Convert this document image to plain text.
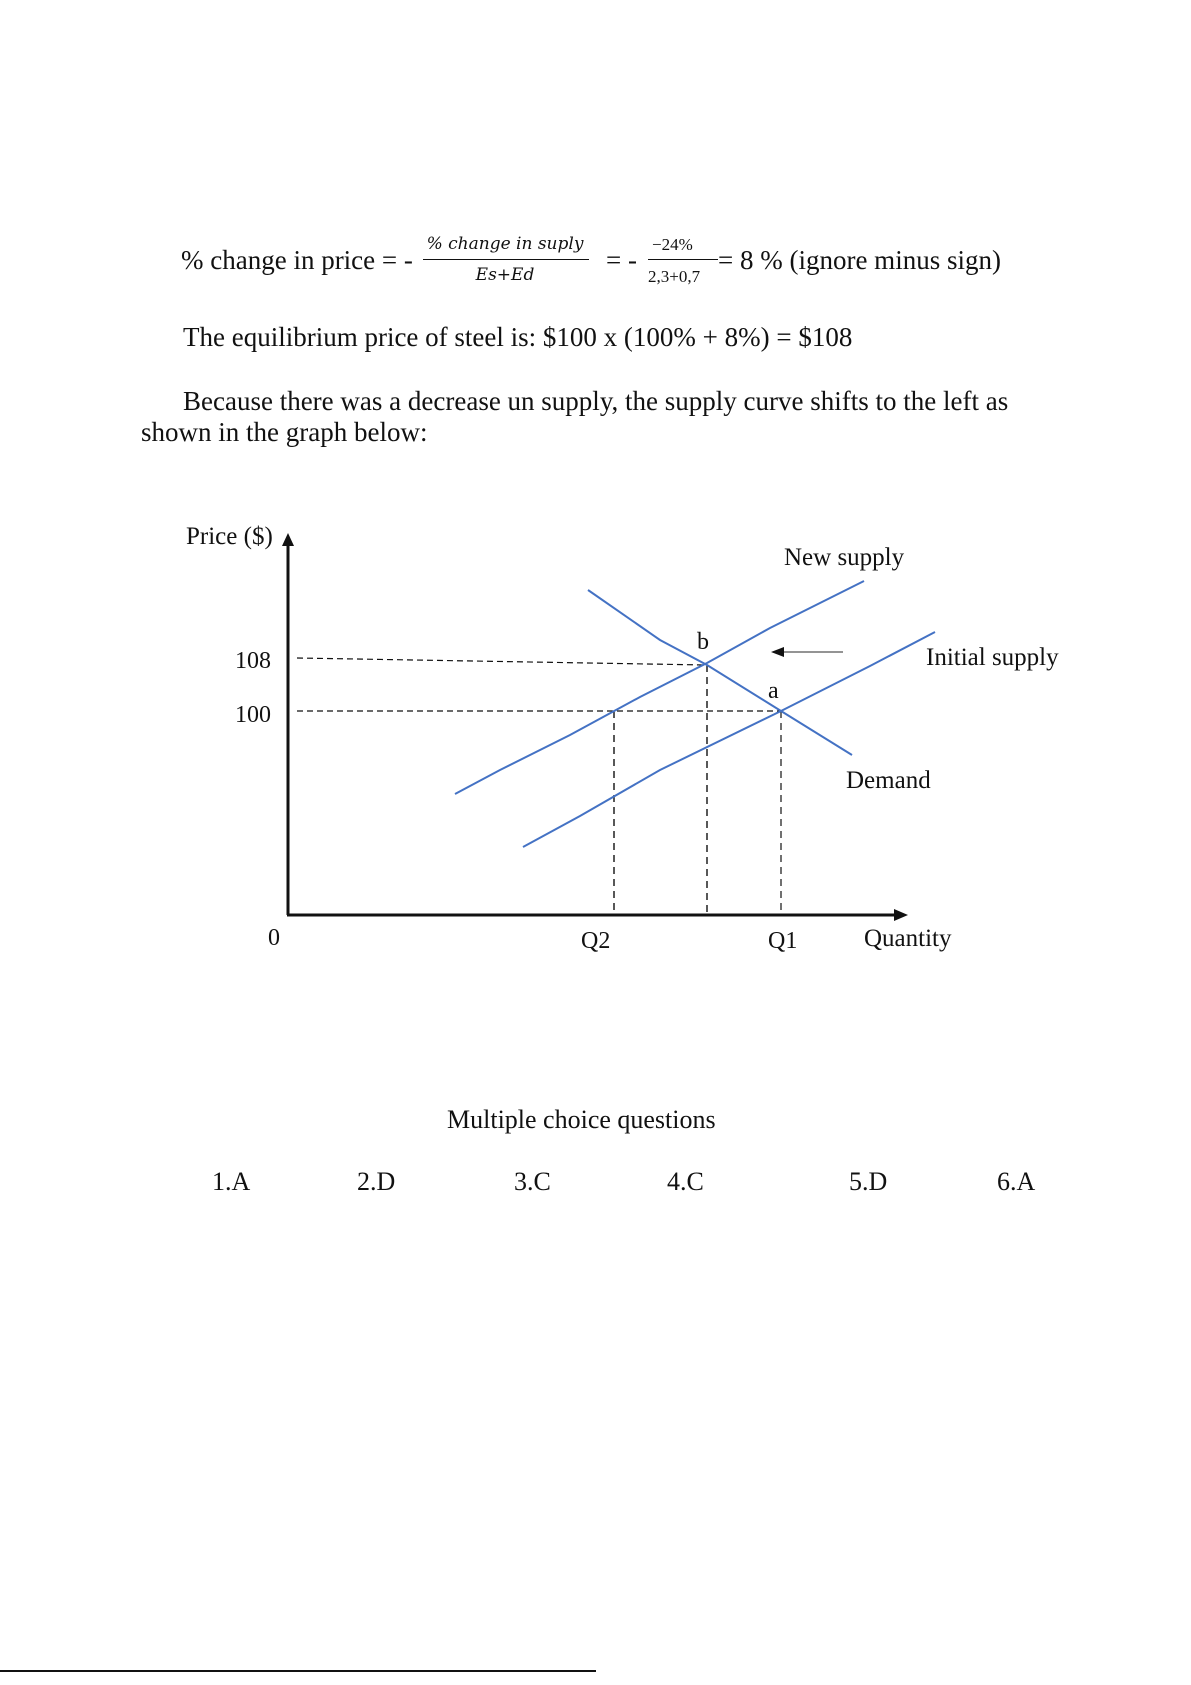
% change in price = -
% change in suply
Es+Ed	= -
−24%
2,3+0,7
= 8 % (ignore minus sign)
The equilibrium price of steel is: $100 x (100% + 8%) = $108
Because there was a decrease un supply, the supply curve shifts to the left as
shown in the graph below:
Price ($)
108
100
0	Q2	Q1	Quantity
New supply
Initial supply
Demand
b
a
Multiple choice questions
1.A	2.D	3.C	4.C	5.D	6.A
